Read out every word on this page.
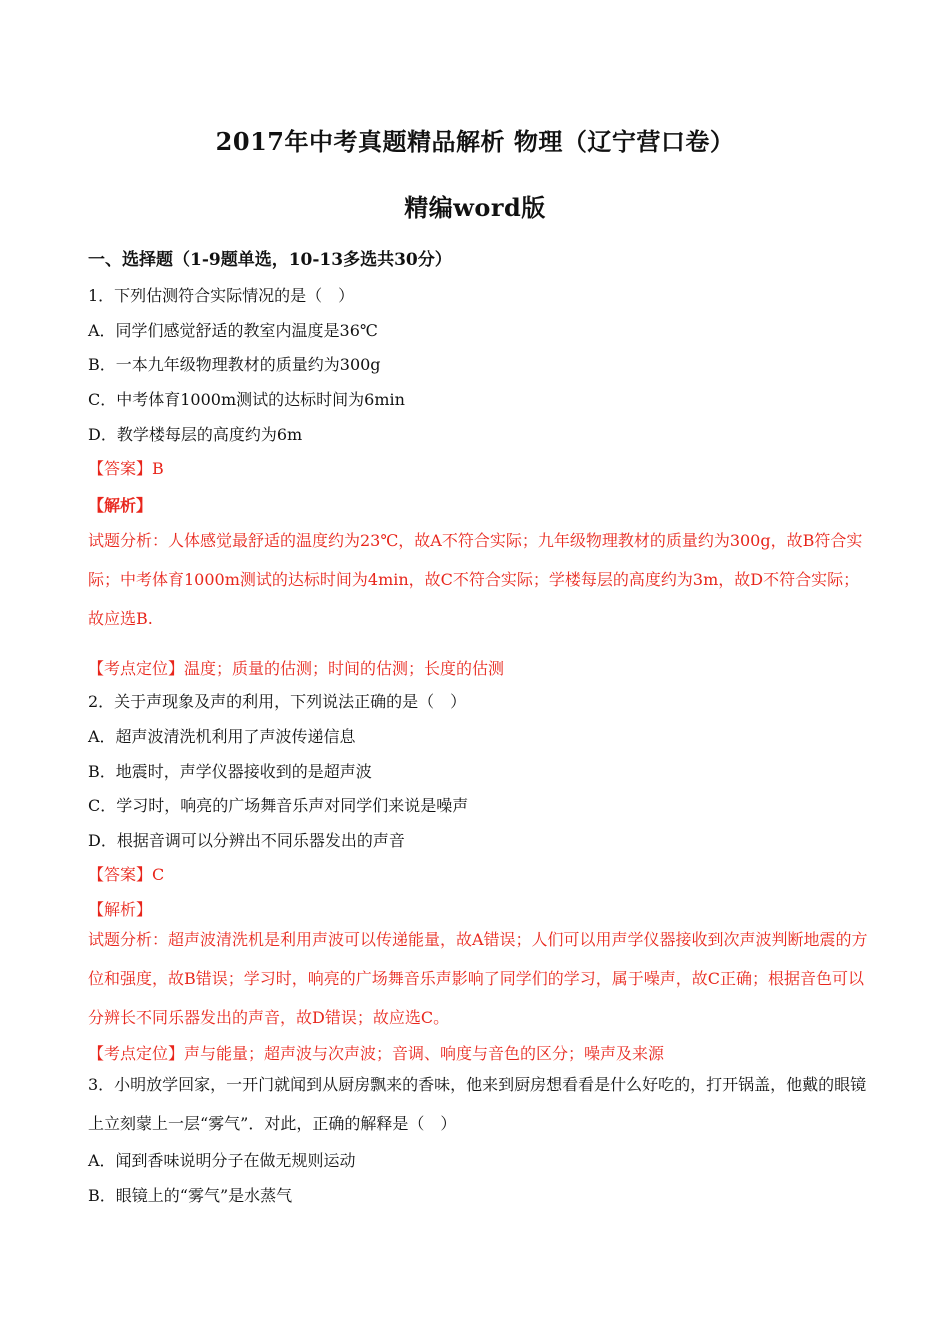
2017年中考真题精品解析 物理（辽宁营口卷）
精编word版
一、选择题（1-9题单选，10-13多选共30分）
1．下列估测符合实际情况的是（　）
A．同学们感觉舒适的教室内温度是36℃
B．一本九年级物理教材的质量约为300g
C．中考体育1000m测试的达标时间为6min
D．教学楼每层的高度约为6m
【答案】B
【解析】
试题分析：人体感觉最舒适的温度约为23℃，故A不符合实际；九年级物理教材的质量约为300g，故B符合实际；中考体育1000m测试的达标时间为4min，故C不符合实际；学楼每层的高度约为3m，故D不符合实际；故应选B.
【考点定位】温度；质量的估测；时间的估测；长度的估测
2．关于声现象及声的利用，下列说法正确的是（　）
A．超声波清洗机利用了声波传递信息
B．地震时，声学仪器接收到的是超声波
C．学习时，响亮的广场舞音乐声对同学们来说是噪声
D．根据音调可以分辨出不同乐器发出的声音
【答案】C
【解析】
试题分析：超声波清洗机是利用声波可以传递能量，故A错误；人们可以用声学仪器接收到次声波判断地震的方位和强度，故B错误；学习时，响亮的广场舞音乐声影响了同学们的学习，属于噪声，故C正确；根据音色可以分辨长不同乐器发出的声音，故D错误；故应选C。
【考点定位】声与能量；超声波与次声波；音调、响度与音色的区分；噪声及来源
3．小明放学回家，一开门就闻到从厨房飘来的香味，他来到厨房想看看是什么好吃的，打开锅盖，他戴的眼镜上立刻蒙上一层“雾气”．对此，正确的解释是（　）
A．闻到香味说明分子在做无规则运动
B．眼镜上的“雾气”是水蒸气
